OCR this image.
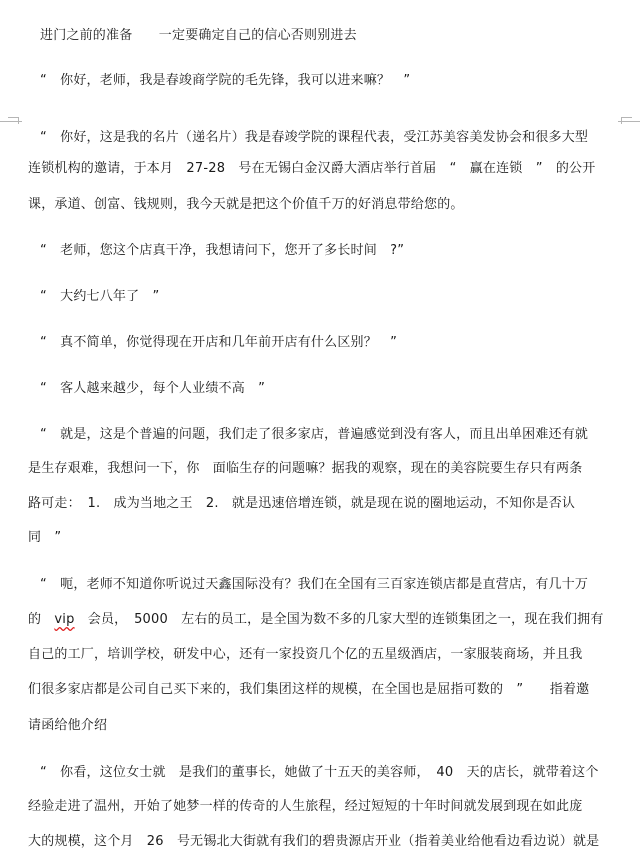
进门之前的准备　　一定要确定自己的信心否则别进去
“　你好，老师，我是春竣商学院的毛先锋，我可以进来嘛？　”
“　你好，这是我的名片（递名片）我是春竣学院的课程代表，受江苏美容美发协会和很多大型
连锁机构的邀请，于本月　27-28　号在无锡白金汉爵大酒店举行首届　“　赢在连锁　”　的公开
课，承道、创富、钱规则，我今天就是把这个价值千万的好消息带给您的。
“　老师，您这个店真干净，我想请问下，您开了多长时间　?”
“　大约七八年了　”
“　真不简单，你觉得现在开店和几年前开店有什么区别？　”
“　客人越来越少，每个人业绩不高　”
“　就是，这是个普遍的问题，我们走了很多家店，普遍感觉到没有客人，而且出单困难还有就
是生存艰难，我想问一下，你　面临生存的问题嘛？据我的观察，现在的美容院要生存只有两条
路可走：　1.　成为当地之王　2.　就是迅速倍增连锁，就是现在说的圈地运动，不知你是否认
同　”
“　呃，老师不知道你听说过天鑫国际没有？我们在全国有三百家连锁店都是直营店，有几十万
的　 vip　 会员，　5000　左右的员工，是全国为数不多的几家大型的连锁集团之一，现在我们拥有
自己的工厂，培训学校，研发中心，还有一家投资几个亿的五星级酒店，一家服装商场，并且我
们很多家店都是公司自己买下来的，我们集团这样的规模，在全国也是屈指可数的　”　　指着邀
请函给他介绍
“　你看，这位女士就　是我们的董事长，她做了十五天的美容师，　40　天的店长，就带着这个
经验走进了温州，开始了她梦一样的传奇的人生旅程，经过短短的十年时间就发展到现在如此庞
大的规模，这个月　26　号无锡北大街就有我们的碧贵源店开业（指着美业给他看边看边说）就是
